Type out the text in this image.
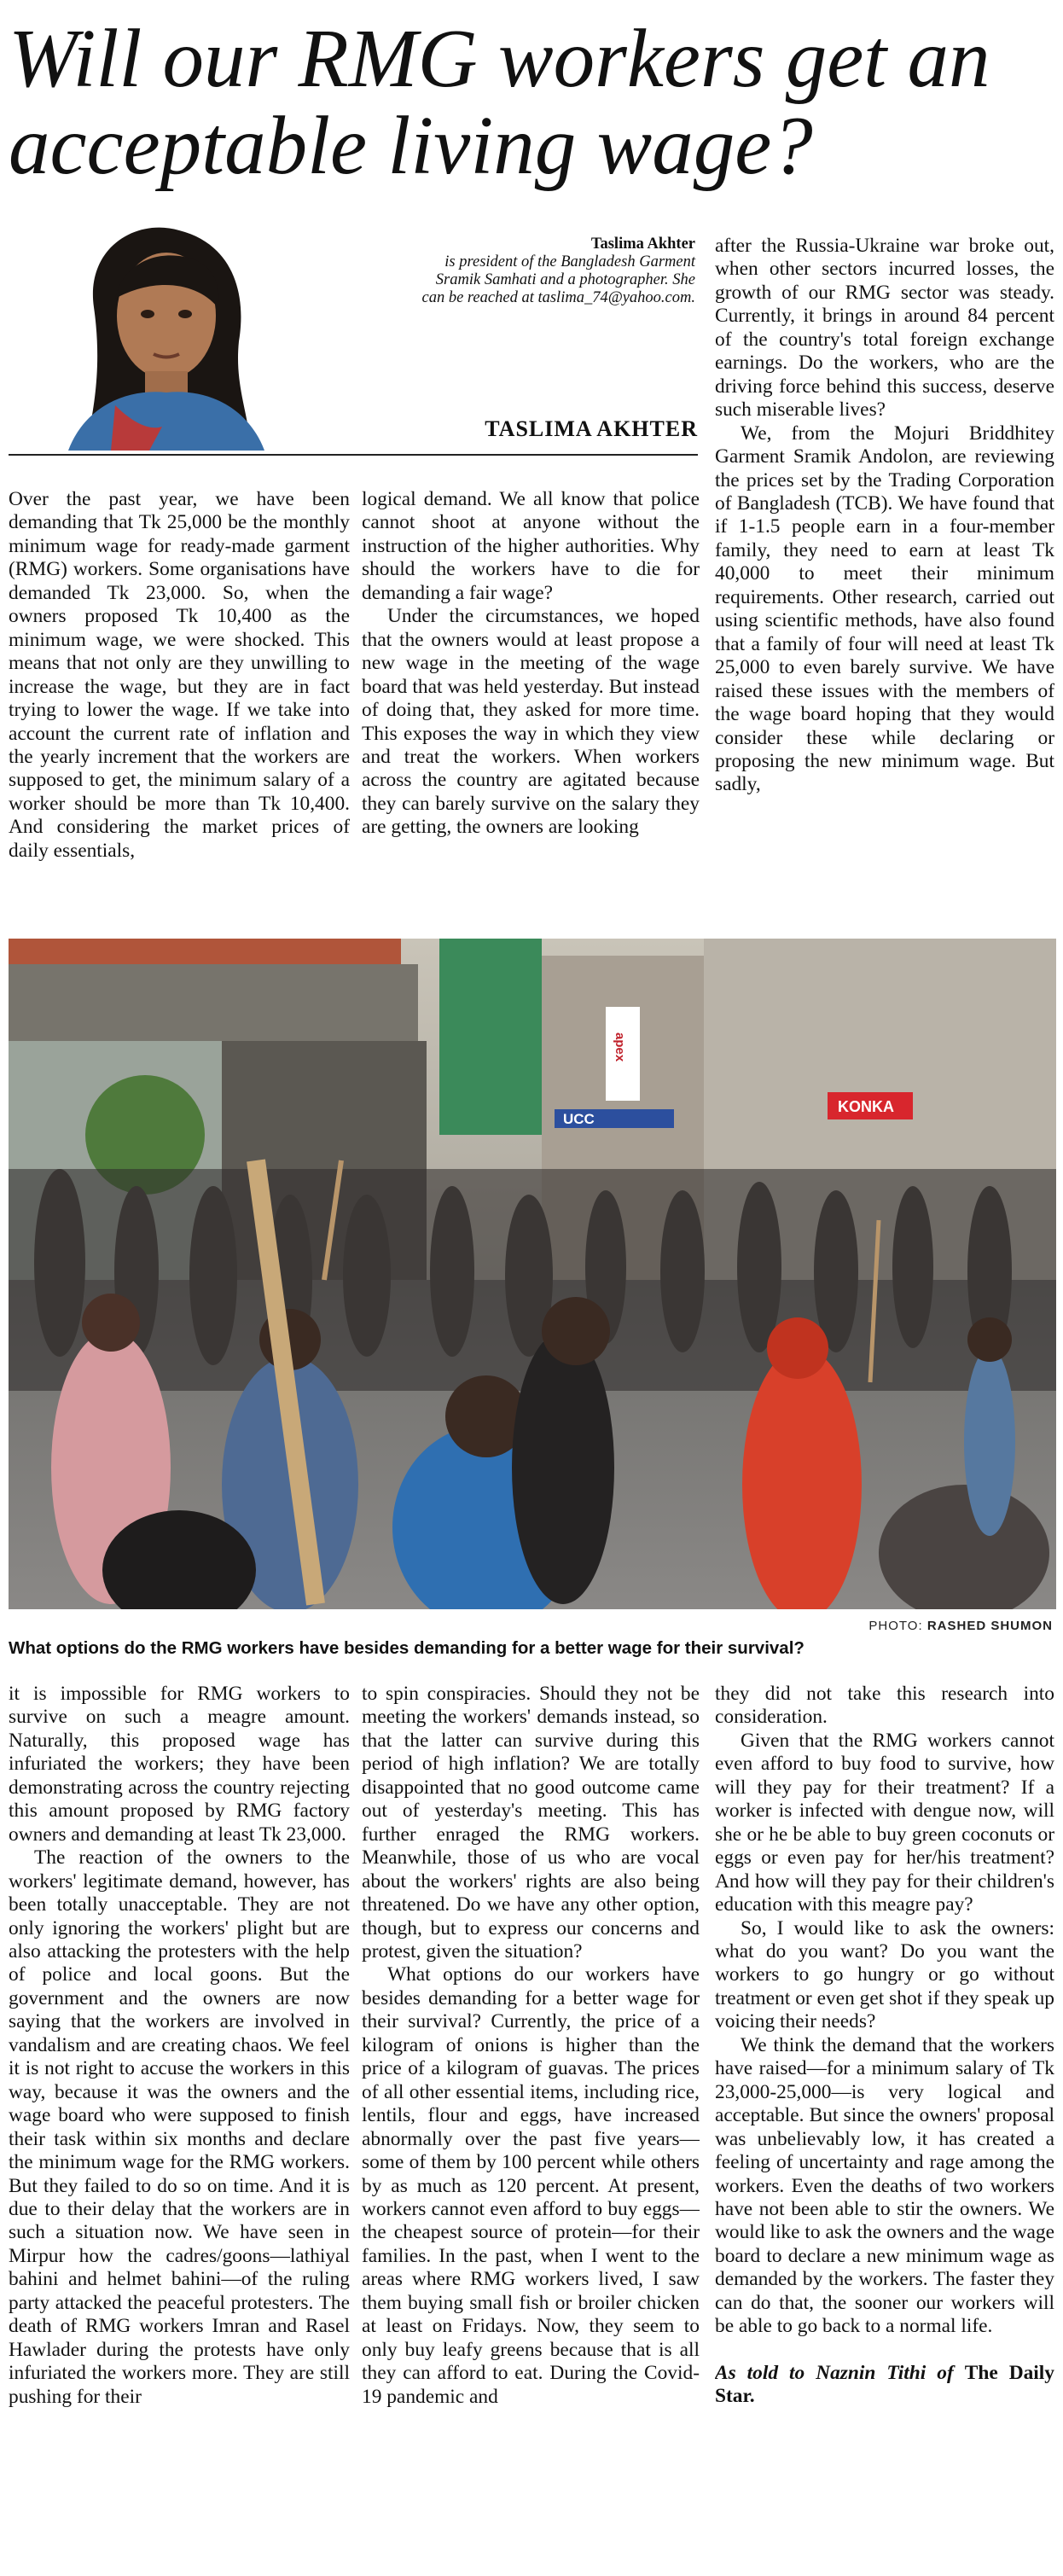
Will our RMG workers get an acceptable living wage?

Taslima Akhter
is president of the Bangladesh Garment Sramik Samhati and a photographer. She can be reached at taslima_74@yahoo.com.

TASLIMA AKHTER

Over the past year, we have been demanding that Tk 25,000 be the monthly minimum wage for ready-made garment (RMG) workers. Some organisations have demanded Tk 23,000. So, when the owners proposed Tk 10,400 as the minimum wage, we were shocked. This means that not only are they unwilling to increase the wage, but they are in fact trying to lower the wage. If we take into account the current rate of inflation and the yearly increment that the workers are supposed to get, the minimum salary of a worker should be more than Tk 10,400. And considering the market prices of daily essentials,

logical demand. We all know that police cannot shoot at anyone without the instruction of the higher authorities. Why should the workers have to die for demanding a fair wage?

Under the circumstances, we hoped that the owners would at least propose a new wage in the meeting of the wage board that was held yesterday. But instead of doing that, they asked for more time. This exposes the way in which they view and treat the workers. When workers across the country are agitated because they can barely survive on the salary they are getting, the owners are looking

after the Russia-Ukraine war broke out, when other sectors incurred losses, the growth of our RMG sector was steady. Currently, it brings in around 84 percent of the country's total foreign exchange earnings. Do the workers, who are the driving force behind this success, deserve such miserable lives?

We, from the Mojuri Briddhitey Garment Sramik Andolon, are reviewing the prices set by the Trading Corporation of Bangladesh (TCB). We have found that if 1-1.5 people earn in a four-member family, they need to earn at least Tk 40,000 to meet their minimum requirements. Other research, carried out using scientific methods, have also found that a family of four will need at least Tk 25,000 to even barely survive. We have raised these issues with the members of the wage board hoping that they would consider these while declaring or proposing the new minimum wage. But sadly,

UCC
apex
KONKA

PHOTO: RASHED SHUMON

What options do the RMG workers have besides demanding for a better wage for their survival?

it is impossible for RMG workers to survive on such a meagre amount. Naturally, this proposed wage has infuriated the workers; they have been demonstrating across the country rejecting this amount proposed by RMG factory owners and demanding at least Tk 23,000.

The reaction of the owners to the workers' legitimate demand, however, has been totally unacceptable. They are not only ignoring the workers' plight but are also attacking the protesters with the help of police and local goons. But the government and the owners are now saying that the workers are involved in vandalism and are creating chaos. We feel it is not right to accuse the workers in this way, because it was the owners and the wage board who were supposed to finish their task within six months and declare the minimum wage for the RMG workers. But they failed to do so on time. And it is due to their delay that the workers are in such a situation now. We have seen in Mirpur how the cadres/goons—lathiyal bahini and helmet bahini—of the ruling party attacked the peaceful protesters. The death of RMG workers Imran and Rasel Hawlader during the protests have only infuriated the workers more. They are still pushing for their

to spin conspiracies. Should they not be meeting the workers' demands instead, so that the latter can survive during this period of high inflation? We are totally disappointed that no good outcome came out of yesterday's meeting. This has further enraged the RMG workers. Meanwhile, those of us who are vocal about the workers' rights are also being threatened. Do we have any other option, though, but to express our concerns and protest, given the situation?

What options do our workers have besides demanding for a better wage for their survival? Currently, the price of a kilogram of onions is higher than the price of a kilogram of guavas. The prices of all other essential items, including rice, lentils, flour and eggs, have increased abnormally over the past five years—some of them by 100 percent while others by as much as 120 percent. At present, workers cannot even afford to buy eggs—the cheapest source of protein—for their families. In the past, when I went to the areas where RMG workers lived, I saw them buying small fish or broiler chicken at least on Fridays. Now, they seem to only buy leafy greens because that is all they can afford to eat. During the Covid-19 pandemic and

they did not take this research into consideration.

Given that the RMG workers cannot even afford to buy food to survive, how will they pay for their treatment? If a worker is infected with dengue now, will she or he be able to buy green coconuts or eggs or even pay for her/his treatment? And how will they pay for their children's education with this meagre pay?

So, I would like to ask the owners: what do you want? Do you want the workers to go hungry or go without treatment or even get shot if they speak up voicing their needs?

We think the demand that the workers have raised—for a minimum salary of Tk 23,000-25,000—is very logical and acceptable. But since the owners' proposal was unbelievably low, it has created a feeling of uncertainty and rage among the workers. Even the deaths of two workers have not been able to stir the owners. We would like to ask the owners and the wage board to declare a new minimum wage as demanded by the workers. The faster they can do that, the sooner our workers will be able to go back to a normal life.

As told to Naznin Tithi of The Daily Star.
